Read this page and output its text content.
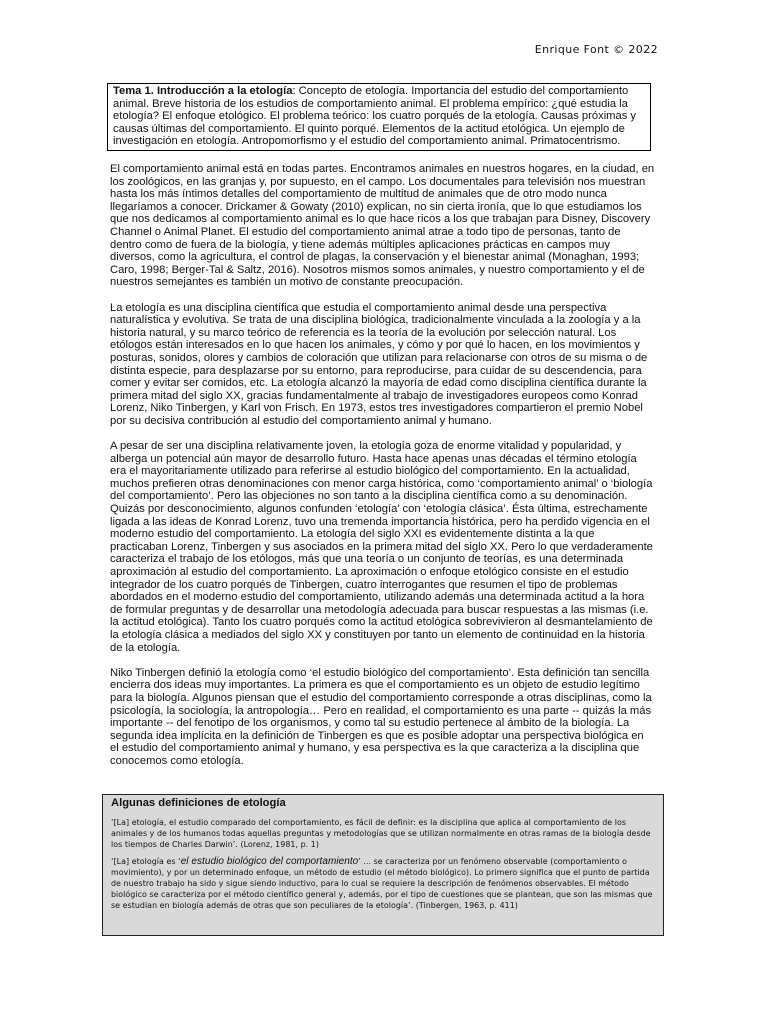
Enrique Font © 2022
Tema 1. Introducción a la etología: Concepto de etología. Importancia del estudio del comportamiento animal. Breve historia de los estudios de comportamiento animal. El problema empírico: ¿qué estudia la etología? El enfoque etológico. El problema teórico: los cuatro porqués de la etología. Causas próximas y causas últimas del comportamiento. El quinto porqué. Elementos de la actitud etológica. Un ejemplo de investigación en etología. Antropomorfismo y el estudio del comportamiento animal. Primatocentrismo.

El comportamiento animal está en todas partes. Encontramos animales en nuestros hogares, en la ciudad, en los zoológicos, en las granjas y, por supuesto, en el campo. Los documentales para televisión nos muestran hasta los más íntimos detalles del comportamiento de multitud de animales que de otro modo nunca llegaríamos a conocer. Drickamer & Gowaty (2010) explican, no sin cierta ironía, que lo que estudiamos los que nos dedicamos al comportamiento animal es lo que hace ricos a los que trabajan para Disney, Discovery Channel o Animal Planet. El estudio del comportamiento animal atrae a todo tipo de personas, tanto de dentro como de fuera de la biología, y tiene además múltiples aplicaciones prácticas en campos muy diversos, como la agricultura, el control de plagas, la conservación y el bienestar animal (Monaghan, 1993; Caro, 1998; Berger-Tal & Saltz, 2016). Nosotros mismos somos animales, y nuestro comportamiento y el de nuestros semejantes es también un motivo de constante preocupación.

La etología es una disciplina científica que estudia el comportamiento animal desde una perspectiva naturalística y evolutiva. Se trata de una disciplina biológica, tradicionalmente vinculada a la zoología y a la historia natural, y su marco teórico de referencia es la teoría de la evolución por selección natural. Los etólogos están interesados en lo que hacen los animales, y cómo y por qué lo hacen, en los movimientos y posturas, sonidos, olores y cambios de coloración que utilizan para relacionarse con otros de su misma o de distinta especie, para desplazarse por su entorno, para reproducirse, para cuidar de su descendencia, para comer y evitar ser comidos, etc. La etología alcanzó la mayoría de edad como disciplina científica durante la primera mitad del siglo XX, gracias fundamentalmente al trabajo de investigadores europeos como Konrad Lorenz, Niko Tinbergen, y Karl von Frisch. En 1973, estos tres investigadores compartieron el premio Nobel por su decisiva contribución al estudio del comportamiento animal y humano.

A pesar de ser una disciplina relativamente joven, la etología goza de enorme vitalidad y popularidad, y alberga un potencial aún mayor de desarrollo futuro. Hasta hace apenas unas décadas el término etología era el mayoritariamente utilizado para referirse al estudio biológico del comportamiento. En la actualidad, muchos prefieren otras denominaciones con menor carga histórica, como ‘comportamiento animal’ o ‘biología del comportamiento’. Pero las objeciones no son tanto a la disciplina científica como a su denominación. Quizás por desconocimiento, algunos confunden ‘etología’ con ‘etología clásica’. Ésta última, estrechamente ligada a las ideas de Konrad Lorenz, tuvo una tremenda importancia histórica, pero ha perdido vigencia en el moderno estudio del comportamiento. La etología del siglo XXI es evidentemente distinta a la que practicaban Lorenz, Tinbergen y sus asociados en la primera mitad del siglo XX. Pero lo que verdaderamente caracteriza el trabajo de los etólogos, más que una teoría o un conjunto de teorías, es una determinada aproximación al estudio del comportamiento. La aproximación o enfoque etológico consiste en el estudio integrador de los cuatro porqués de Tinbergen, cuatro interrogantes que resumen el tipo de problemas abordados en el moderno estudio del comportamiento, utilizando además una determinada actitud a la hora de formular preguntas y de desarrollar una metodología adecuada para buscar respuestas a las mismas (i.e. la actitud etológica). Tanto los cuatro porqués como la actitud etológica sobrevivieron al desmantelamiento de la etología clásica a mediados del siglo XX y constituyen por tanto un elemento de continuidad en la historia de la etología.

Niko Tinbergen definió la etología como ‘el estudio biológico del comportamiento’. Esta definición tan sencilla encierra dos ideas muy importantes. La primera es que el comportamiento es un objeto de estudio legítimo para la biología. Algunos piensan que el estudio del comportamiento corresponde a otras disciplinas, como la psicología, la sociología, la antropología… Pero en realidad, el comportamiento es una parte -- quizás la más importante -- del fenotipo de los organismos, y como tal su estudio pertenece al ámbito de la biología. La segunda idea implícita en la definición de Tinbergen es que es posible adoptar una perspectiva biológica en el estudio del comportamiento animal y humano, y esa perspectiva es la que caracteriza a la disciplina que conocemos como etología.

Algunas definiciones de etología

‘[La] etología, el estudio comparado del comportamiento, es fácil de definir: es la disciplina que aplica al comportamiento de los animales y de los humanos todas aquellas preguntas y metodologías que se utilizan normalmente en otras ramas de la biología desde los tiempos de Charles Darwin’. (Lorenz, 1981, p. 1)

‘[La] etología es ‘el estudio biológico del comportamiento’ ... se caracteriza por un fenómeno observable (comportamiento o movimiento), y por un determinado enfoque, un método de estudio (el método biológico). Lo primero significa que el punto de partida de nuestro trabajo ha sido y sigue siendo inductivo, para lo cual se requiere la descripción de fenómenos observables. El método biológico se caracteriza por el método científico general y, además, por el tipo de cuestiones que se plantean, que son las mismas que se estudian en biología además de otras que son peculiares de la etología’. (Tinbergen, 1963, p. 411)
